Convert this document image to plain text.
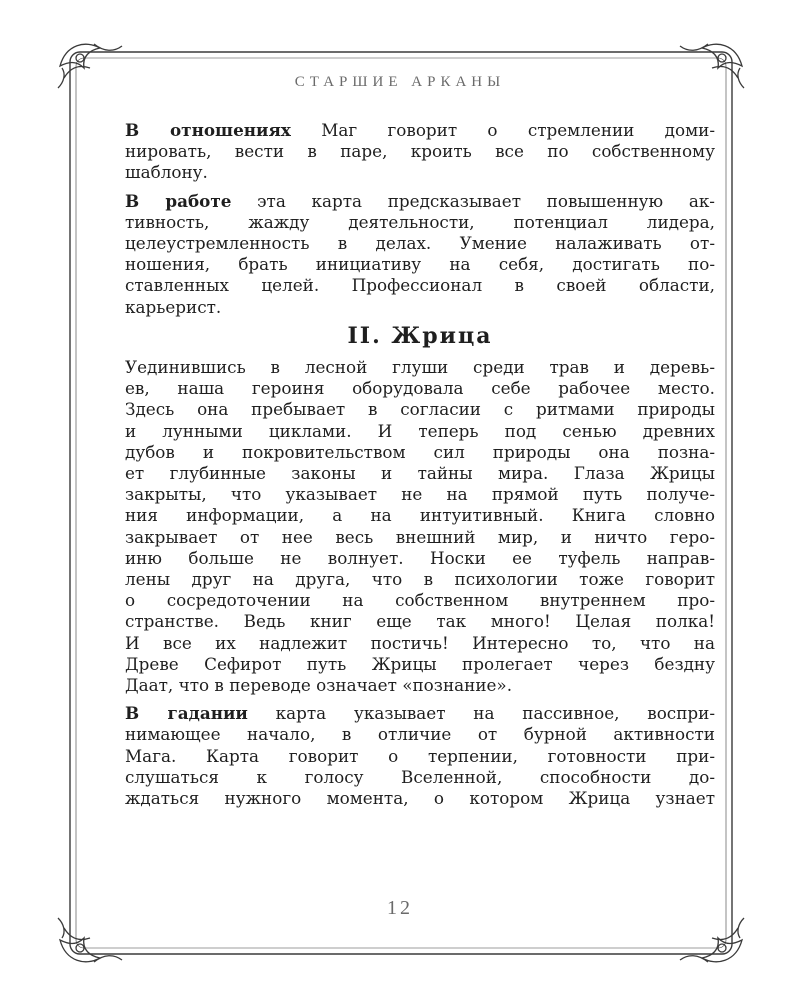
СТАРШИЕ АРКАНЫ
В отношениях Маг говорит о стремлении доми-
нировать, вести в паре, кроить все по собственному
шаблону.
В работе эта карта предсказывает повышенную ак-
тивность, жажду деятельности, потенциал лидера,
целеустремленность в делах. Умение налаживать от-
ношения, брать инициативу на себя, достигать по-
ставленных целей. Профессионал в своей области,
карьерист.
II. Жрица
Уединившись в лесной глуши среди трав и деревь-
ев, наша героиня оборудовала себе рабочее место.
Здесь она пребывает в согласии с ритмами природы
и лунными циклами. И теперь под сенью древних
дубов и покровительством сил природы она позна-
ет глубинные законы и тайны мира. Глаза Жрицы
закрыты, что указывает не на прямой путь получе-
ния информации, а на интуитивный. Книга словно
закрывает от нее весь внешний мир, и ничто геро-
иню больше не волнует. Носки ее туфель направ-
лены друг на друга, что в психологии тоже говорит
о сосредоточении на собственном внутреннем про-
странстве. Ведь книг еще так много! Целая полка!
И все их надлежит постичь! Интересно то, что на
Древе Сефирот путь Жрицы пролегает через бездну
Даат, что в переводе означает «познание».
В гадании карта указывает на пассивное, воспри-
нимающее начало, в отличие от бурной активности
Мага. Карта говорит о терпении, готовности при-
слушаться к голосу Вселенной, способности до-
ждаться нужного момента, о котором Жрица узнает
12
